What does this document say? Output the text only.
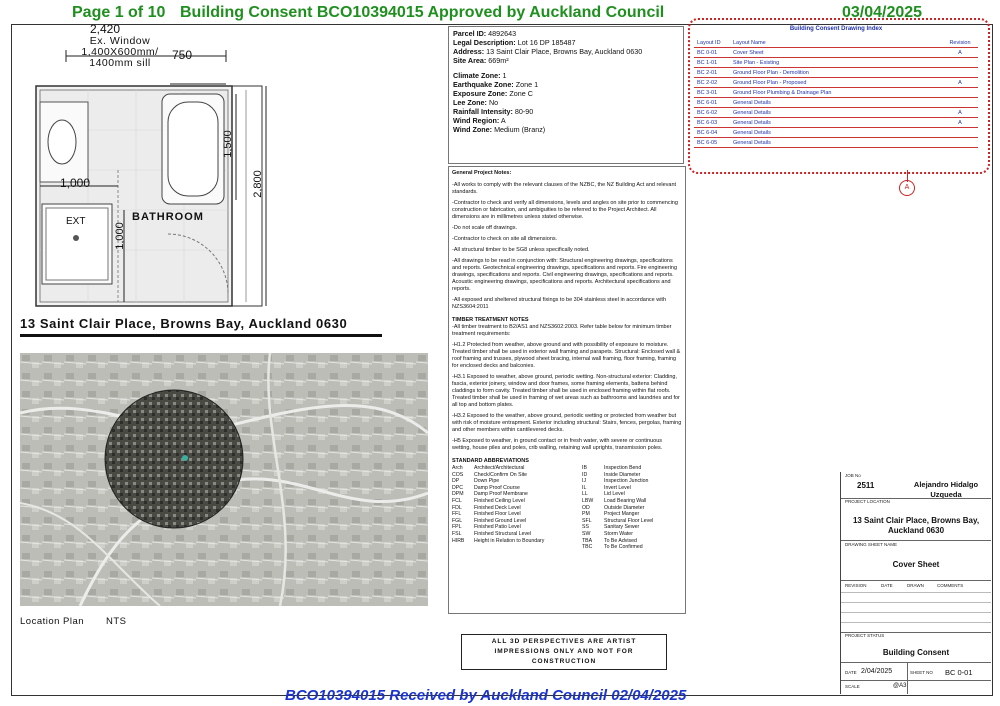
Page 1 of 10 Building Consent BCO10394015 Approved by Auckland Council	03/04/2025
2,420
Ex. Window
1,400X600mm/
1400mm sill
750
1,500
2,800
1,000
1,000
EXT	BATHROOM
13 Saint Clair Place, Browns Bay, Auckland 0630
Location Plan NTS
Parcel ID: 4892643
Legal Description: Lot 16 DP 185487
Address: 13 Saint Clair Place, Browns Bay, Auckland 0630
Site Area: 669m²
Climate Zone: 1
Earthquake Zone: Zone 1
Exposure Zone: Zone C
Lee Zone: No
Rainfall Intensity: 80-90
Wind Region: A
Wind Zone: Medium (Branz)
Building Consent Drawing Index
Layout ID	Layout Name	Revision
BC 0-01	Cover Sheet	A
BC 1-01	Site Plan - Existing	
BC 2-01	Ground Floor Plan - Demolition	
BC 2-02	Ground Floor Plan - Proposed	A
BC 3-01	Ground Floor Plumbing & Drainage Plan	
BC 6-01	General Details	
BC 6-02	General Details	A
BC 6-03	General Details	A
BC 6-04	General Details	
BC 6-05	General Details	
A
General Project Notes:
-All works to comply with the relevant clauses of the NZBC, the NZ Building Act and relevant standards.
-Contractor to check and verify all dimensions, levels and angles on site prior to commencing construction or fabrication, and ambiguities to be referred to the Project Architect. All dimensions are in millimetres unless stated otherwise.
-Do not scale off drawings.
-Contractor to check on site all dimensions.
-All structural timber to be SG8 unless specifically noted.
-All drawings to be read in conjunction with: Structural engineering drawings, specifications and reports. Geotechnical engineering drawings, specifications and reports. Fire engineering drawings, specifications and reports. Civil engineering drawings, specifications and reports. Acoustic engineering drawings, specifications and reports. Architectural specifications and reports.
-All exposed and sheltered structural fixings to be 304 stainless steel in accordance with NZS3604:2011
TIMBER TREATMENT NOTES
-All timber treatment to B2/AS1 and NZS3602:2003. Refer table below for minimum timber treatment requirements:
-H1.2 Protected from weather, above ground and with possibility of exposure to moisture. Treated timber shall be used in exterior wall framing and parapets. Structural: Enclosed wall & roof framing and trusses, plywood sheet bracing, internal wall framing, floor framing, framing for enclosed decks and balconies.
-H3.1 Exposed to weather, above ground, periodic wetting. Non-structural exterior: Cladding, fascia, exterior joinery, window and door frames, some framing elements, battens behind claddings to form cavity. Treated timber shall be used in enclosed framing within flat roofs. Treated timber shall be used in framing of wet areas such as bathrooms and laundries and for all top and bottom plates.
-H3.2 Exposed to the weather, above ground, periodic wetting or protected from weather but with risk of moisture entrapment. Exterior including structural: Stairs, fences, pergolas, framing and other members within cantilevered decks.
-H5 Exposed to weather, in ground contact or in fresh water, with severe or continuous wetting, house piles and poles, crib walling, retaining wall uprights, transmission poles.
STANDARD ABBREVIATIONS
Arch	Architect/Architectural
COS	Check/Confirm On Site
DP	Down Pipe
DPC	Damp Proof Course
DPM	Damp Proof Membrane
FCL	Finished Ceiling Level
FDL	Finished Deck Level
FFL	Finished Floor Level
FGL	Finished Ground Level
FPL	Finished Patio Level
FSL	Finished Structural Level
HIRB	Height in Relation to Boundary
IB	Inspection Bend
ID	Inside Diameter
IJ	Inspection Junction
IL	Invert Level
LL	Lid Level
LBW	Load Bearing Wall
OD	Outside Diameter
PM	Project Manger
SFL	Structural Floor Level
SS	Sanitary Sewer
SW	Storm Water
TBA	To Be Advised
TBC	To Be Confirmed
ALL 3D PERSPECTIVES ARE ARTIST IMPRESSIONS ONLY AND NOT FOR CONSTRUCTION
JOB No
2511	Alejandro Hidalgo Uzqueda
PROJECT LOCATION
13 Saint Clair Place, Browns Bay, Auckland 0630
DRAWING SHEET NAME
Cover Sheet
REVISION	DATE	DRAWN	COMMENTS
PROJECT STATUS
Building Consent
DATE 2/04/2025	SHEET NO BC 0-01
SCALE	@A3
BCO10394015 Received by Auckland Council 02/04/2025
